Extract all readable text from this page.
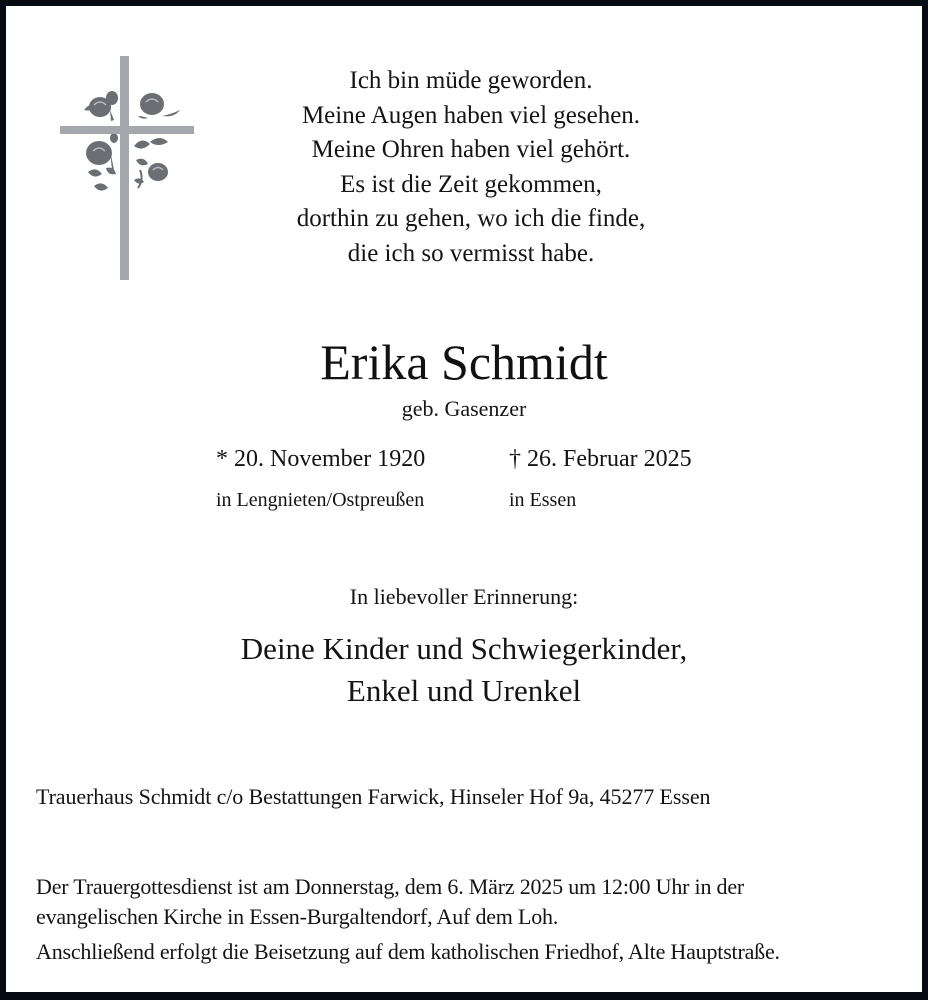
Ich bin müde geworden.
Meine Augen haben viel gesehen.
Meine Ohren haben viel gehört.
Es ist die Zeit gekommen,
dorthin zu gehen, wo ich die finde,
die ich so vermisst habe.
Erika Schmidt
geb. Gasenzer
* 20. November 1920	† 26. Februar 2025
in Lengnieten/Ostpreußen	in Essen
In liebevoller Erinnerung:
Deine Kinder und Schwiegerkinder,
Enkel und Urenkel
Trauerhaus Schmidt c/o Bestattungen Farwick, Hinseler Hof 9a, 45277 Essen
Der Trauergottesdienst ist am Donnerstag, dem 6. März 2025 um 12:00 Uhr in der
evangelischen Kirche in Essen-Burgaltendorf, Auf dem Loh.
Anschließend erfolgt die Beisetzung auf dem katholischen Friedhof, Alte Hauptstraße.
